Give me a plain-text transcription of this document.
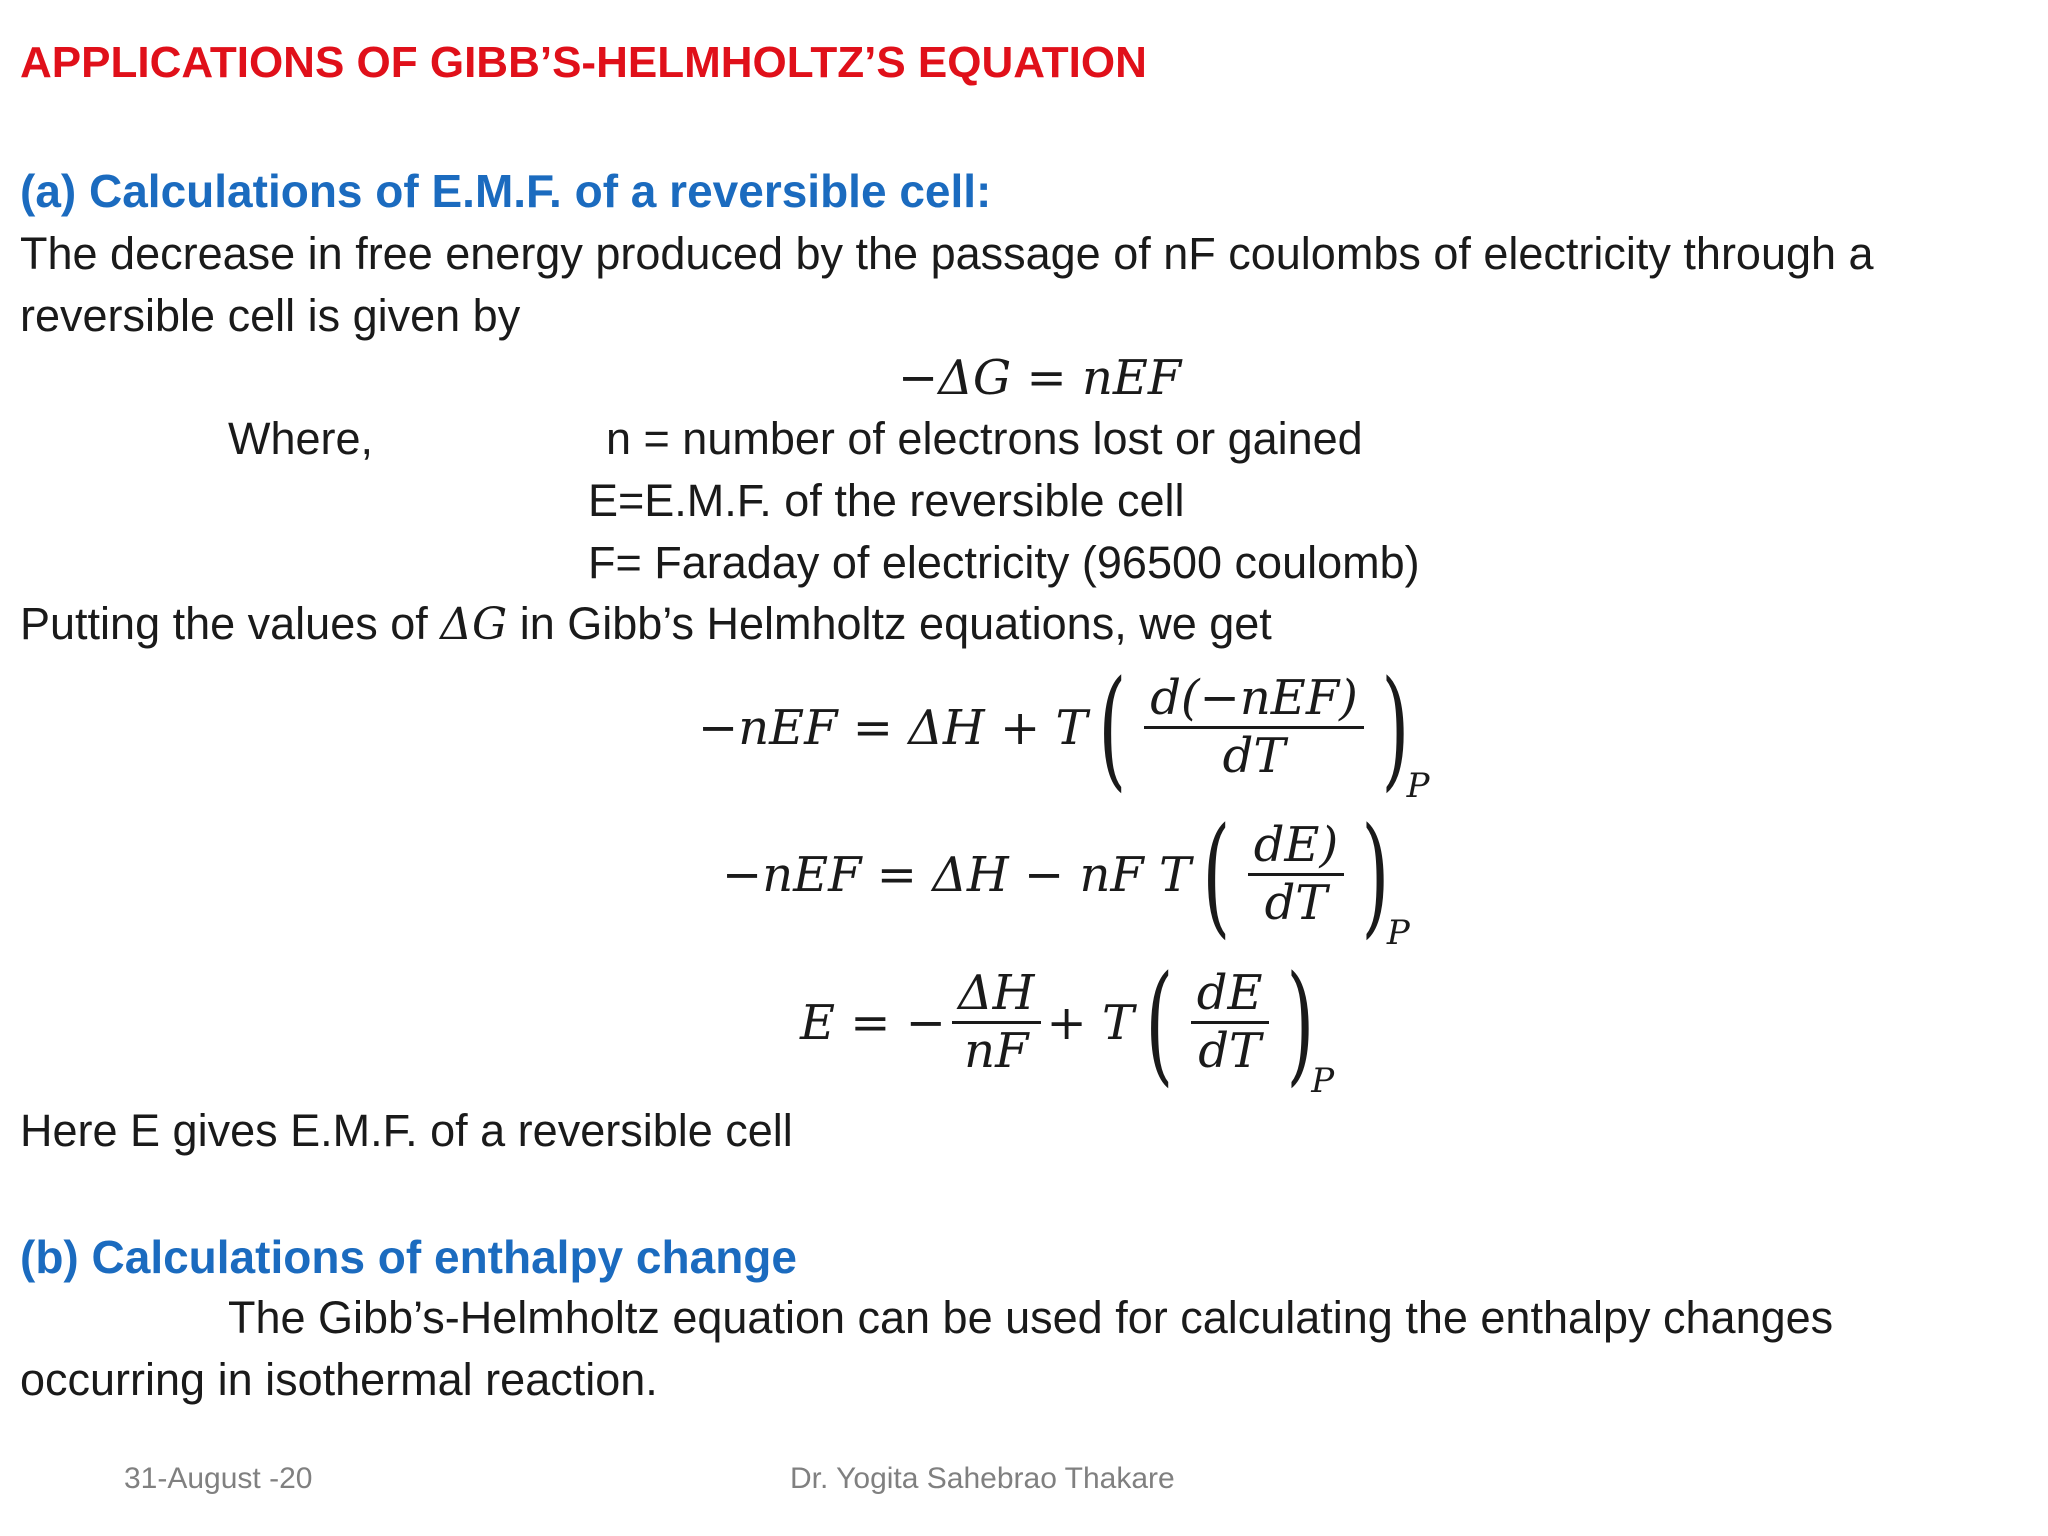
APPLICATIONS OF GIBB’S-HELMHOLTZ’S EQUATION
(a) Calculations of E.M.F. of a reversible cell:
The decrease in free energy produced by the passage of nF coulombs of electricity through a
reversible cell is given by
−ΔG = nEF
Where,	n = number of electrons lost or gained
E=E.M.F. of the reversible cell
F= Faraday of electricity (96500 coulomb)
Putting the values of ΔG in Gibb’s Helmholtz equations, we get
−nEF = ΔH + T ( $\frac{\text{d(−nEF)}}{dT}$ )
P
−nEF = ΔH − nF T ( $\frac{dE)}{dT}$ )
P
E = − $\frac{\Delta H}{nF} + T$ ( $\frac{dE}{dT}$ )
P
Here E gives E.M.F. of a reversible cell
(b) Calculations of enthalpy change
The Gibb’s-Helmholtz equation can be used for calculating the enthalpy changes
occurring in isothermal reaction.
31-August -20	Dr. Yogita Sahebrao Thakare
